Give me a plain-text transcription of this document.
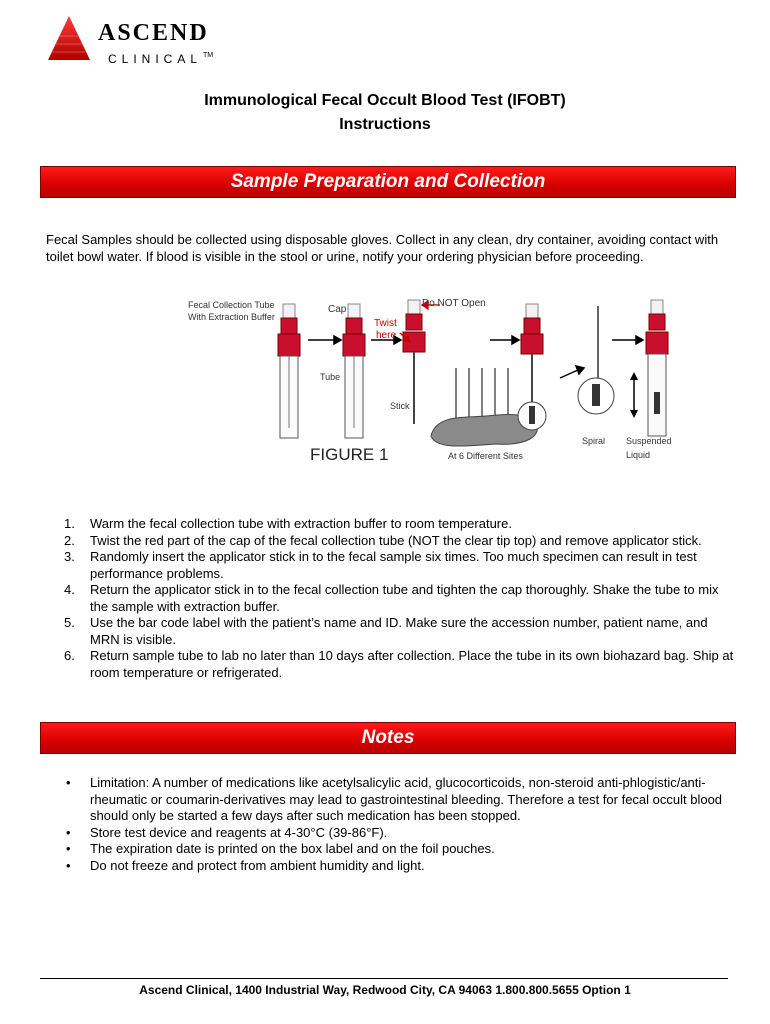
ASCEND
CLINICAL™
Immunological Fecal Occult Blood Test (IFOBT)
Instructions
Sample Preparation and Collection
Fecal Samples should be collected using disposable gloves. Collect in any clean, dry container, avoiding contact with toilet bowl water. If blood is visible in the stool or urine, notify your ordering physician before proceeding.
Fecal Collection Tube
With Extraction Buffer
Cap
Twist
here
Do NOT Open
Tube
Stick
FIGURE 1	At 6 Different Sites
Spiral Suspended
Liquid
1. Warm the fecal collection tube with extraction buffer to room temperature.
2. Twist the red part of the cap of the fecal collection tube (NOT the clear tip top) and remove applicator stick.
3. Randomly insert the applicator stick in to the fecal sample six times. Too much specimen can result in test performance problems.
4. Return the applicator stick in to the fecal collection tube and tighten the cap thoroughly. Shake the tube to mix the sample with extraction buffer.
5. Use the bar code label with the patient’s name and ID. Make sure the accession number, patient name, and MRN is visible.
6. Return sample tube to lab no later than 10 days after collection. Place the tube in its own biohazard bag. Ship at room temperature or refrigerated.
Notes
• Limitation: A number of medications like acetylsalicylic acid, glucocorticoids, non-steroid anti-phlogistic/anti-rheumatic or coumarin-derivatives may lead to gastrointestinal bleeding. Therefore a test for fecal occult blood should only be started a few days after such medication has been stopped.
• Store test device and reagents at 4-30°C (39-86°F).
• The expiration date is printed on the box label and on the foil pouches.
• Do not freeze and protect from ambient humidity and light.
Ascend Clinical, 1400 Industrial Way, Redwood City, CA 94063 1.800.800.5655 Option 1
